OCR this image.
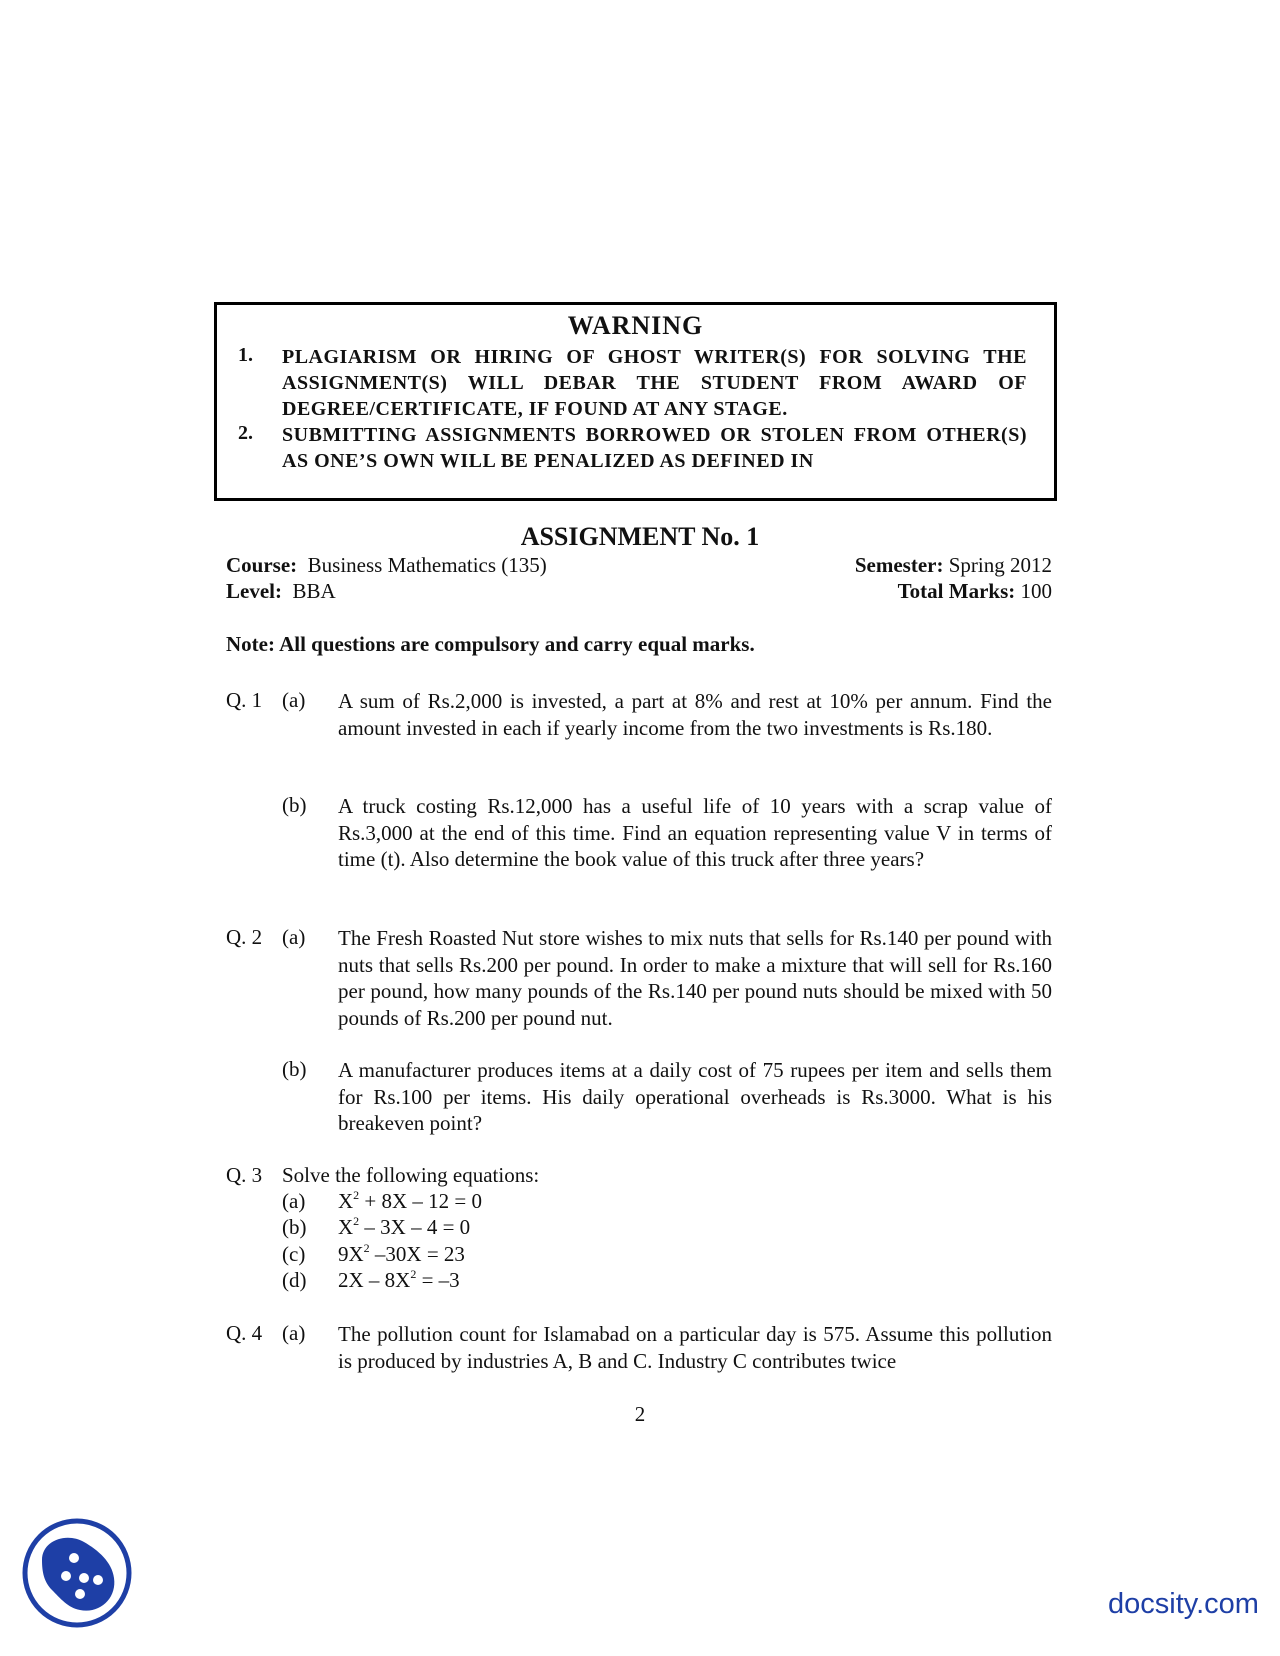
WARNING
1. PLAGIARISM OR HIRING OF GHOST WRITER(S) FOR SOLVING THE ASSIGNMENT(S) WILL DEBAR THE STUDENT FROM AWARD OF DEGREE/CERTIFICATE, IF FOUND AT ANY STAGE.
2. SUBMITTING ASSIGNMENTS BORROWED OR STOLEN FROM OTHER(S) AS ONE’S OWN WILL BE PENALIZED AS DEFINED IN
ASSIGNMENT No. 1
Course: Business Mathematics (135)	Semester: Spring 2012
Level: BBA	Total Marks: 100
Note: All questions are compulsory and carry equal marks.
Q. 1 (a) A sum of Rs.2,000 is invested, a part at 8% and rest at 10% per annum. Find the amount invested in each if yearly income from the two investments is Rs.180.
(b) A truck costing Rs.12,000 has a useful life of 10 years with a scrap value of Rs.3,000 at the end of this time. Find an equation representing value V in terms of time (t). Also determine the book value of this truck after three years?
Q. 2 (a) The Fresh Roasted Nut store wishes to mix nuts that sells for Rs.140 per pound with nuts that sells Rs.200 per pound. In order to make a mixture that will sell for Rs.160 per pound, how many pounds of the Rs.140 per pound nuts should be mixed with 50 pounds of Rs.200 per pound nut.
(b) A manufacturer produces items at a daily cost of 75 rupees per item and sells them for Rs.100 per items. His daily operational overheads is Rs.3000. What is his breakeven point?
Q. 3 Solve the following equations:
(a) $X^2 + 8X - 12 = 0$
(b) $X^2 - 3X - 4 = 0$
(c) $9X^2$ –30X = 23
(d) $2X - 8X^2 = -3$
Q. 4 (a) The pollution count for Islamabad on a particular day is 575. Assume this pollution is produced by industries A, B and C. Industry C contributes twice
2
docsity.com
